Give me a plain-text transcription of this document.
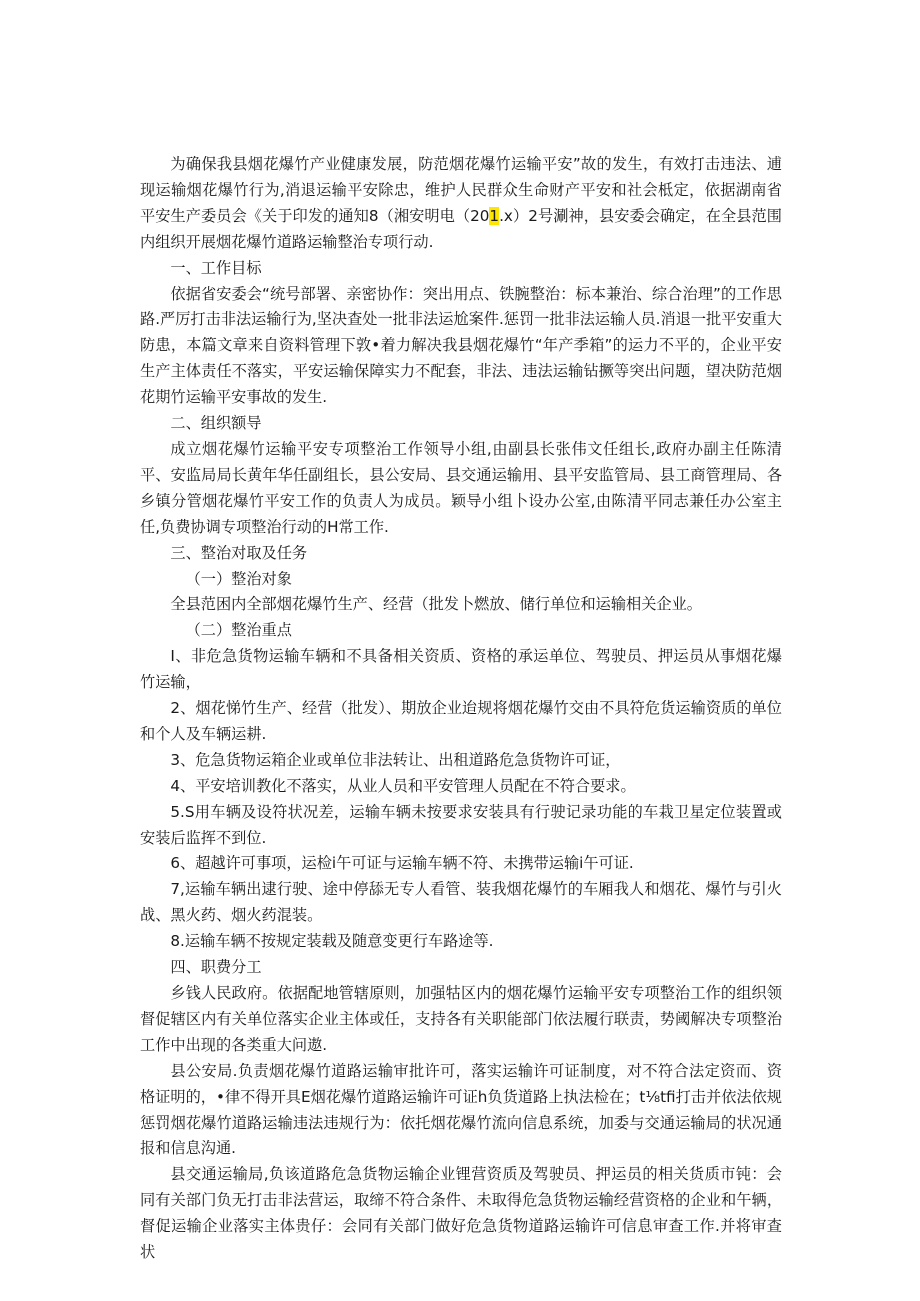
为确保我县烟花爆竹产业健康发展，防范烟花爆竹运输平安”故的发生，有效打击违法、逋现运输烟花爆竹行为,消退运输平安除忠，维护人民群众生命财产平安和社会柢定，依据湖南省平安生产委员会《关于印发的通知8（湘安明电（201.x）2号涮神，县安委会确定，在全县范围内组织开展烟花爆竹道路运输整治专项行动.

一、工作目标

依据省安委会“统号部署、亲密协作：突出用点、铁腕整治：标本兼治、综合治理”的工作思路.严厉打击非法运输行为,坚决查处一批非法运尬案件.惩罚一批非法运输人员.消退一批平安重大防患，本篇文章来自资料管理下敦•着力解决我县烟花爆竹“年产季箱”的运力不平的，企业平安生产主体责任不落实，平安运输保障实力不配套，非法、违法运输钻撅等突出问题，望决防范烟花期竹运输平安事故的发生.

二、组织额导

成立烟花爆竹运输平安专项整治工作领导小组,由副县长张伟文任组长,政府办副主任陈清平、安监局局长黄年华任副组长，县公安局、县交通运输用、县平安监管局、县工商管理局、各乡镇分管烟花爆竹平安工作的负责人为成员。颖导小组卜设办公室,由陈清平同志兼任办公室主任,负费协调专项整治行动的H常工作.

三、整治对取及任务

（一）整治对象

全县范困内全部烟花爆竹生产、经营（批发卜燃放、储行单位和运输相关企业。

（二）整治重点

I、非危急货物运输车辆和不具备相关资质、资格的承运单位、驾驶员、押运员从事烟花爆竹运输，

2、烟花悌竹生产、经营（批发）、期放企业迨规将烟花爆竹交由不具符危货运输资质的单位和个人及车辆运耕.

3、危急货物运箱企业或单位非法转让、出租道路危急货物许可证，

4、平安培训教化不落实，从业人员和平安管理人员配在不符合要求。

5.S用车辆及设符状况差，运输车辆未按要求安装具有行驶记录功能的车栽卫星定位装置或安装后监挥不到位.

6、超越许可事项，运检i午可证与运输车辆不符、未携带运输i午可证.

7,运输车辆出逮行驶、途中停舔无专人看管、装我烟花爆竹的车厢我人和烟花、爆竹与引火战、黑火药、烟火药混装。

8.运输车辆不按规定装载及随意变更行车路途等.

四、职费分工

乡钱人民政府。依据配地管辖原则，加强牯区内的烟花爆竹运输平安专项整治工作的组织领督促辖区内有关单位落实企业主体或任，支持各有关职能部门依法履行联责，势阈解决专项整治工作中出现的各类重大问遨.

县公安局.负责烟花爆竹道路运输审批许可，落实运输许可证制度，对不符合法定资而、资格证明的，•律不得开具E烟花爆竹道路运输许可证h负货道路上执法检在；t⅛tfi打击并依法依规惩罚烟花爆竹道路运输违法违规行为：依托烟花爆竹流向信息系统，加委与交通运输局的状况通报和信息沟通.

县交通运输局,负该道路危急货物运输企业锂营资质及驾驶员、押运员的相关货质市钝：会同有关部门负无打击非法营运，取缔不符合条件、未取得危急货物运输经营资格的企业和午辆，督促运输企业落实主体贵仔：会同有关部门做好危急货物道路运输许可信息审查工作.并将审查状
